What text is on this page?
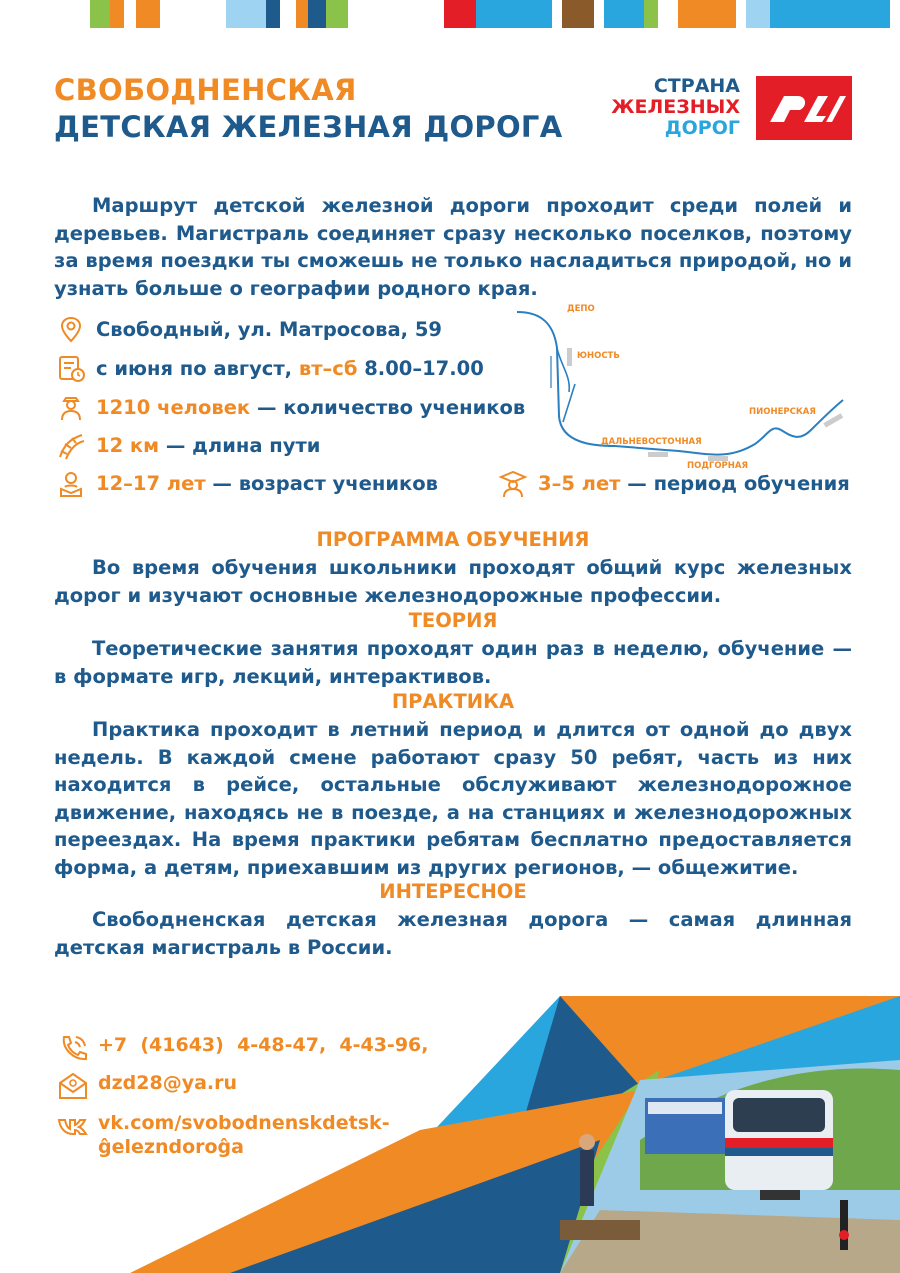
СВОБОДНЕНСКАЯ
ДЕТСКАЯ ЖЕЛЕЗНАЯ ДОРОГА
СТРАНА
ЖЕЛЕЗНЫХ
ДОРОГ
Маршрут детской железной дороги проходит среди полей и деревьев. Магистраль соединяет сразу несколько поселков, поэтому за время поездки ты сможешь не только насладиться природой, но и узнать больше о географии родного края.
Свободный, ул. Матросова, 59
с июня по август, вт–сб 8.00–17.00
1210 человек — количество учеников
12 км — длина пути
12–17 лет — возраст учеников	3–5 лет — период обучения
ДЕПО
ЮНОСТЬ
ПИОНЕРСКАЯ
ДАЛЬНЕВОСТОЧНАЯ
ПОДГОРНАЯ
ПРОГРАММА ОБУЧЕНИЯ
Во время обучения школьники проходят общий курс железных дорог и изучают основные железнодорожные профессии.
ТЕОРИЯ
Теоретические занятия проходят один раз в неделю, обучение — в формате игр, лекций, интерактивов.
ПРАКТИКА
Практика проходит в летний период и длится от одной до двух недель. В каждой смене работают сразу 50 ребят, часть из них находится в рейсе, остальные обслуживают железнодорожное движение, находясь не в поезде, а на станциях и железнодорожных переездах. На время практики ребятам бесплатно предоставляется форма, а детям, приехавшим из других регионов, — общежитие.
ИНТЕРЕСНОЕ
Свободненская детская железная дорога — самая длинная детская магистраль в России.
+7  (41643)  4-48-47,  4-43-96,
dzd28@ya.ru
vk.com/svobodnenskdetsk-
ĝelezndoroĝa
